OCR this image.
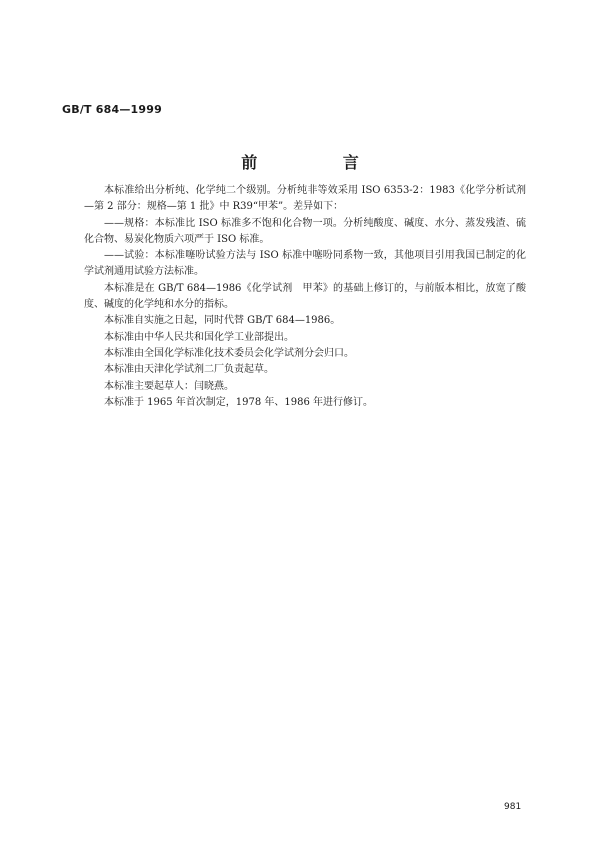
GB/T 684—1999
前 言

本标准给出分析纯、化学纯二个级别。分析纯非等效采用 ISO 6353-2：1983《化学分析试剂—第 2 部分：规格—第 1 批》中 R39“甲苯”。差异如下：

——规格：本标准比 ISO 标准多不饱和化合物一项。分析纯酸度、碱度、水分、蒸发残渣、硫化合物、易炭化物质六项严于 ISO 标准。

——试验：本标准噻吩试验方法与 ISO 标准中噻吩同系物一致，其他项目引用我国已制定的化学试剂通用试验方法标准。

本标准是在 GB/T 684—1986《化学试剂　甲苯》的基础上修订的，与前版本相比，放宽了酸度、碱度的化学纯和水分的指标。

本标准自实施之日起，同时代替 GB/T 684—1986。

本标准由中华人民共和国化学工业部提出。

本标准由全国化学标准化技术委员会化学试剂分会归口。

本标准由天津化学试剂二厂负责起草。

本标准主要起草人：闫晓燕。

本标准于 1965 年首次制定，1978 年、1986 年进行修订。

981
